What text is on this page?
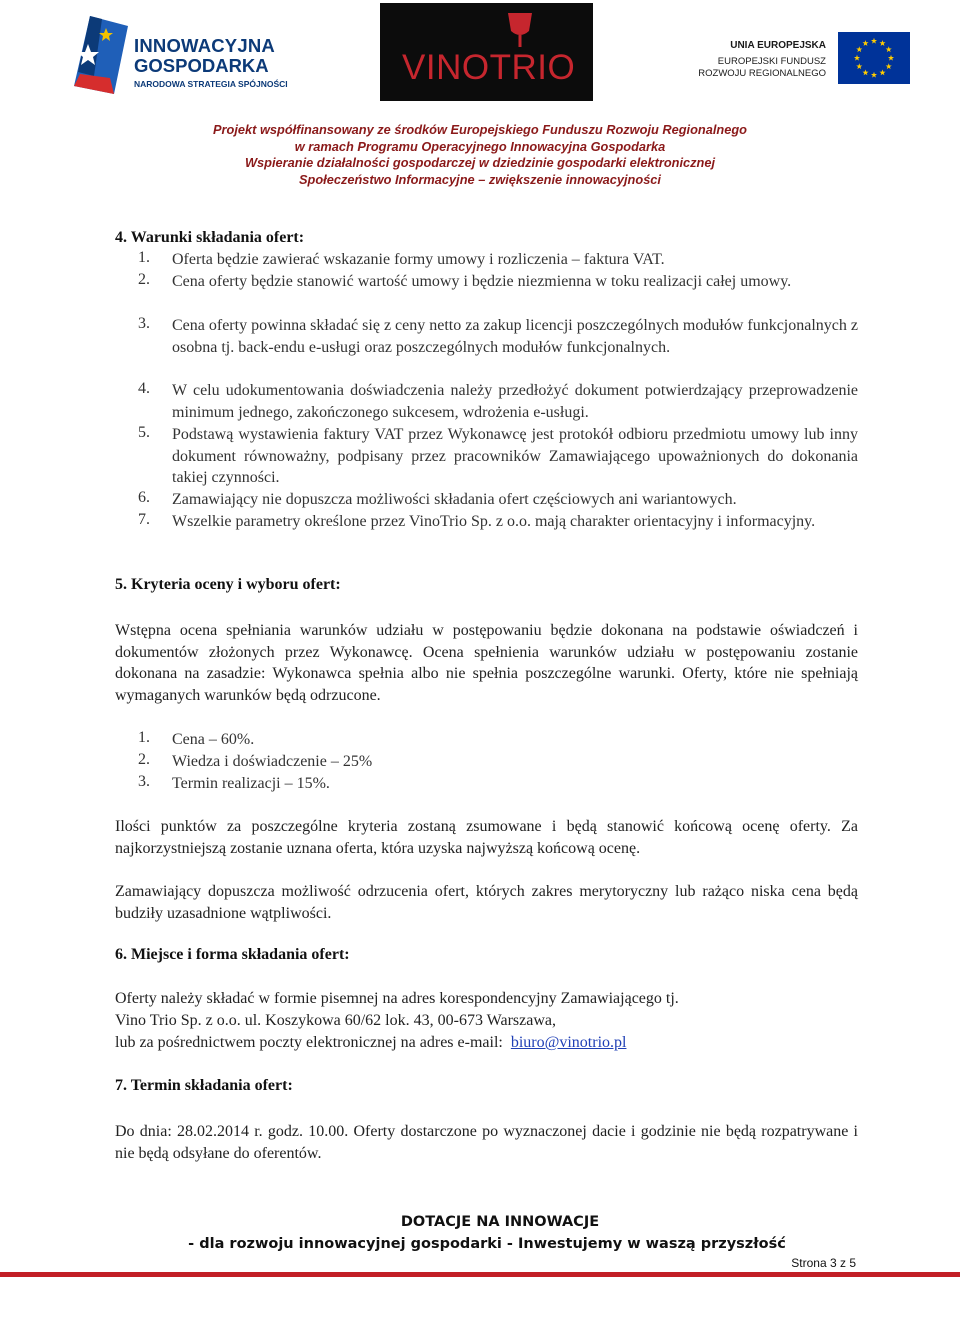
INNOWACYJNA
GOSPODARKA
NARODOWA STRATEGIA SPÓJNOŚCI	VINOTRIO
UNIA EUROPEJSKA
EUROPEJSKI FUNDUSZ
ROZWOJU REGIONALNEGO
Projekt współfinansowany ze środków Europejskiego Funduszu Rozwoju Regionalnego
w ramach Programu Operacyjnego Innowacyjna Gospodarka
Wspieranie działalności gospodarczej w dziedzinie gospodarki elektronicznej
Społeczeństwo Informacyjne – zwiększenie innowacyjności
4. Warunki składania ofert:
1. Oferta będzie zawierać wskazanie formy umowy i rozliczenia – faktura VAT.
2. Cena oferty będzie stanowić wartość umowy i będzie niezmienna w toku realizacji całej umowy.
3. Cena oferty powinna składać się z ceny netto za zakup licencji poszczególnych modułów funkcjonalnych z osobna tj. back-endu e-usługi oraz poszczególnych modułów funkcjonalnych.
4. W celu udokumentowania doświadczenia należy przedłożyć dokument potwierdzający przeprowadzenie minimum jednego, zakończonego sukcesem, wdrożenia e-usługi.
5. Podstawą wystawienia faktury VAT przez Wykonawcę jest protokół odbioru przedmiotu umowy lub inny dokument równoważny, podpisany przez pracowników Zamawiającego upoważnionych do dokonania takiej czynności.
6. Zamawiający nie dopuszcza możliwości składania ofert częściowych ani wariantowych.
7. Wszelkie parametry określone przez VinoTrio Sp. z o.o. mają charakter orientacyjny i informacyjny.
5. Kryteria oceny i wyboru ofert:
Wstępna ocena spełniania warunków udziału w postępowaniu będzie dokonana na podstawie oświadczeń i dokumentów złożonych przez Wykonawcę. Ocena spełnienia warunków udziału w postępowaniu zostanie dokonana na zasadzie: Wykonawca spełnia albo nie spełnia poszczególne warunki. Oferty, które nie spełniają wymaganych warunków będą odrzucone.
1. Cena – 60%.
2. Wiedza i doświadczenie – 25%
3. Termin realizacji – 15%.
Ilości punktów za poszczególne kryteria zostaną zsumowane i będą stanowić końcową ocenę oferty. Za najkorzystniejszą zostanie uznana oferta, która uzyska najwyższą końcową ocenę.
Zamawiający dopuszcza możliwość odrzucenia ofert, których zakres merytoryczny lub rażąco niska cena będą budziły uzasadnione wątpliwości.
6. Miejsce i forma składania ofert:
Oferty należy składać w formie pisemnej na adres korespondencyjny Zamawiającego tj.
Vino Trio Sp. z o.o. ul. Koszykowa 60/62 lok. 43, 00-673 Warszawa,
lub za pośrednictwem poczty elektronicznej na adres e-mail: biuro@vinotrio.pl
7. Termin składania ofert:
Do dnia: 28.02.2014 r. godz. 10.00. Oferty dostarczone po wyznaczonej dacie i godzinie nie będą rozpatrywane i nie będą odsyłane do oferentów.
DOTACJE NA INNOWACJE
- dla rozwoju innowacyjnej gospodarki - Inwestujemy w waszą przyszłość
Strona 3 z 5
